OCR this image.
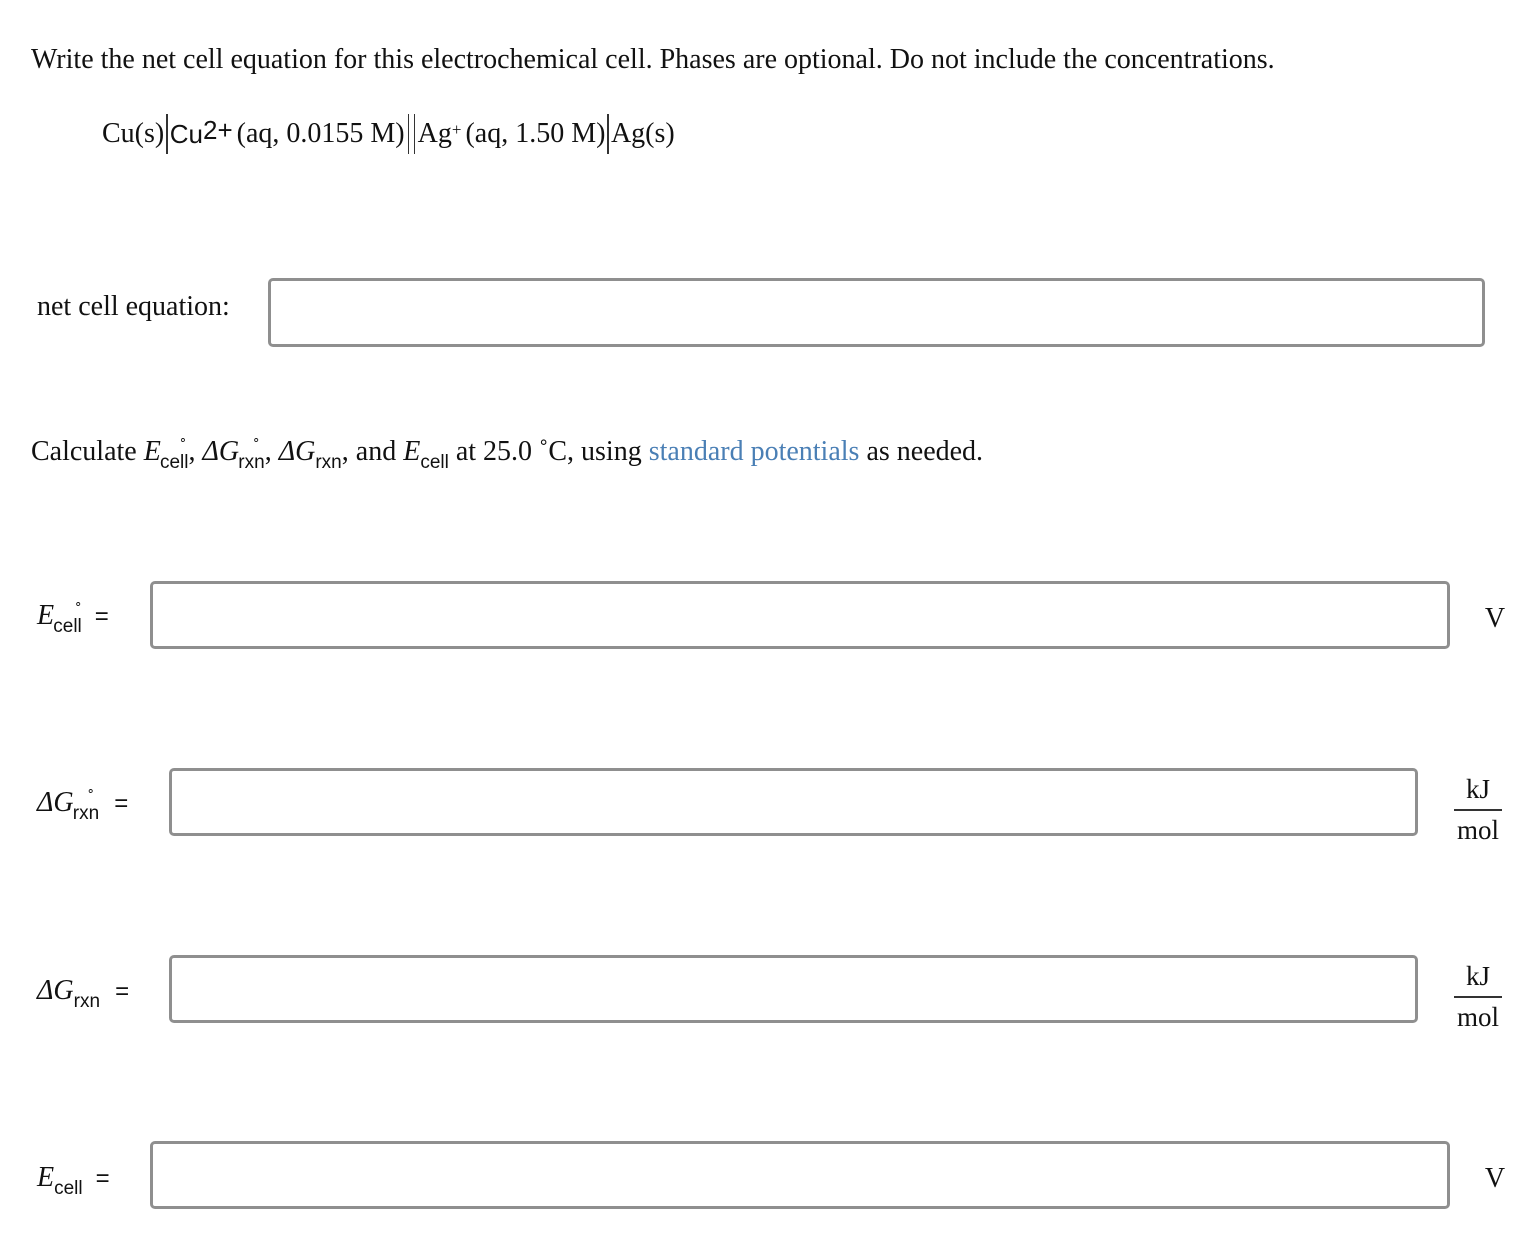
Write the net cell equation for this electrochemical cell. Phases are optional. Do not include the concentrations.
Cu(s) $Cu^{2+}$ (aq, 0.0155 M) Ag+ (aq, 1.50 M) Ag(s)
net cell equation:
Calculate E $_{^\circ cell}$, ΔG $_{^\circ rxn}$, $\Delta G_{rxn}$, and $E_{cell}$ at 25.0 ˚C, using standard potentials as needed.
E $_{^\circ cell}$ =	V
ΔG $_{^\circ rxn}$ =	$\frac{kJ}{\text{mol}}$
$\Delta G_{rxn}$ =	$\frac{kJ}{\text{mol}}$
$E_{cell}$ =	V
